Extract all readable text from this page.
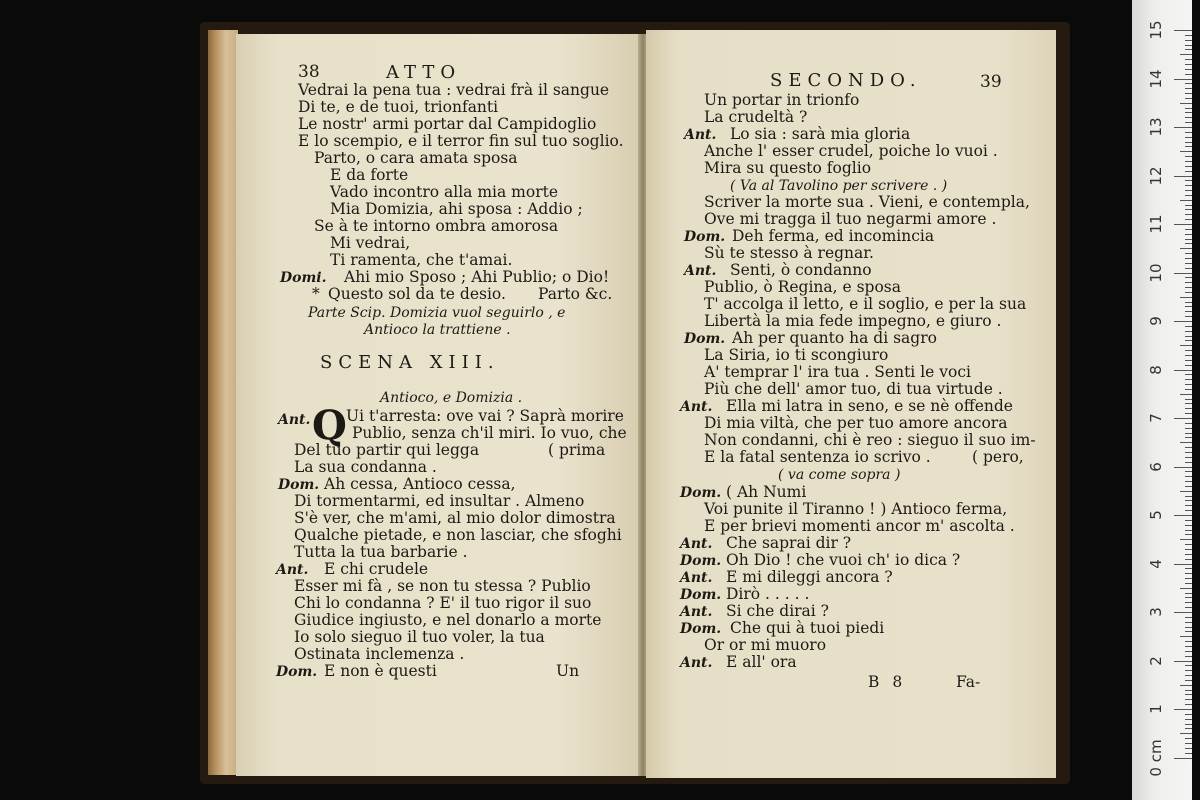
38	ATTO
Vedrai la pena tua : vedrai frà il sangue
Di te, e de tuoi, trionfanti
Le nostr' armi portar dal Campidoglio
E lo scempio, e il terror fin sul tuo soglio.
Parto, o cara amata sposa
E da forte
Vado incontro alla mia morte
Mia Domizia, ahi sposa : Addio ;
Se à te intorno ombra amorosa
Mi vedrai,
Ti ramenta, che t'amai.
Domi. Ahi mio Sposo ; Ahi Publio; o Dio!
* Questo sol da te desio. Parto &c.
Parte Scip. Domizia vuol seguirlo , e
Antioco la trattiene .
SCENA XIII.
Antioco, e Domizia .
Ant. Q Ui t'arresta: ove vai ? Saprà morire
Publio, senza ch'il miri. Io vuo, che
Del tuo partir qui legga	( prima
La sua condanna .
Dom. Ah cessa, Antioco cessa,
Di tormentarmi, ed insultar . Almeno
S'è ver, che m'ami, al mio dolor dimostra
Qualche pietade, e non lasciar, che sfoghi
Tutta la tua barbarie .
Ant. E chi crudele
Esser mi fà , se non tu stessa ? Publio
Chi lo condanna ? E' il tuo rigor il suo
Giudice ingiusto, e nel donarlo a morte
Io solo sieguo il tuo voler, la tua
Ostinata inclemenza .
Dom. E non è questi	Un
SECONDO.	39
Un portar in trionfo
La crudeltà ?
Ant. Lo sia : sarà mia gloria
Anche l' esser crudel, poiche lo vuoi .
Mira su questo foglio
( Va al Tavolino per scrivere . )
Scriver la morte sua . Vieni, e contempla,
Ove mi tragga il tuo negarmi amore .
Dom. Deh ferma, ed incomincia
Sù te stesso à regnar.
Ant. Senti, ò condanno
Publio, ò Regina, e sposa
T' accolga il letto, e il soglio, e per la sua
Libertà la mia fede impegno, e giuro .
Dom. Ah per quanto ha di sagro
La Siria, io ti scongiuro
A' temprar l' ira tua . Senti le voci
Più che dell' amor tuo, di tua virtude .
Ant. Ella mi latra in seno, e se nè offende
Di mia viltà, che per tuo amore ancora
Non condanni, chi è reo : sieguo il suo im-
E la fatal sentenza io scrivo .	( pero,
( va come sopra )
Dom. ( Ah Numi
Voi punite il Tiranno ! ) Antioco ferma,
E per brievi momenti ancor m' ascolta .
Ant. Che saprai dir ?
Dom. Oh Dio ! che vuoi ch' io dica ?
Ant. E mi dileggi ancora ?
Dom. Dirò . . . . .
Ant. Si che dirai ?
Dom. Che qui à tuoi piedi
Or or mi muoro
Ant. E all' ora
B 8	Fa-
15
14
13
12
11
10
9
8
7
6
5
4
3
2
1
0 cm
